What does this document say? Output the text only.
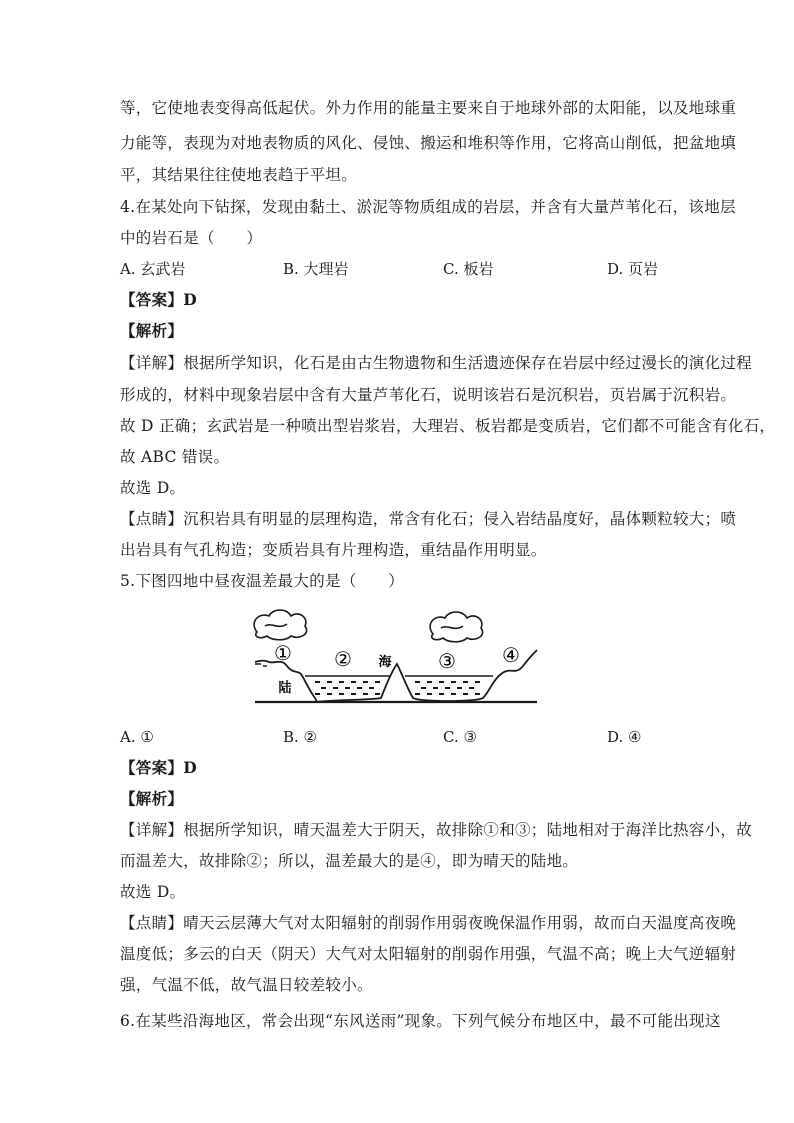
等，它使地表变得高低起伏。外力作用的能量主要来自于地球外部的太阳能，以及地球重
力能等，表现为对地表物质的风化、侵蚀、搬运和堆积等作用，它将高山削低，把盆地填
平，其结果往往使地表趋于平坦。
4.在某处向下钻探，发现由黏土、淤泥等物质组成的岩层，并含有大量芦苇化石，该地层
中的岩石是（　　）
A. 玄武岩	B. 大理岩	C. 板岩	D. 页岩
【答案】D
【解析】
【详解】根据所学知识，化石是由古生物遗物和生活遗迹保存在岩层中经过漫长的演化过程
形成的，材料中现象岩层中含有大量芦苇化石，说明该岩石是沉积岩，页岩属于沉积岩。
故 D 正确；玄武岩是一种喷出型岩浆岩，大理岩、板岩都是变质岩，它们都不可能含有化石，
故 ABC 错误。
故选 D。
【点睛】沉积岩具有明显的层理构造，常含有化石；侵入岩结晶度好，晶体颗粒较大；喷
出岩具有气孔构造；变质岩具有片理构造，重结晶作用明显。
5.下图四地中昼夜温差最大的是（　　）
① ②	③ ④
海
陆
A. ①	B. ②	C. ③	D. ④
【答案】D
【解析】
【详解】根据所学知识，晴天温差大于阴天，故排除①和③；陆地相对于海洋比热容小，故
而温差大，故排除②；所以，温差最大的是④，即为晴天的陆地。
故选 D。
【点睛】晴天云层薄大气对太阳辐射的削弱作用弱夜晚保温作用弱，故而白天温度高夜晚
温度低；多云的白天（阴天）大气对太阳辐射的削弱作用强，气温不高；晚上大气逆辐射
强，气温不低，故气温日较差较小。
6.在某些沿海地区，常会出现“东风送雨”现象。下列气候分布地区中，最不可能出现这
